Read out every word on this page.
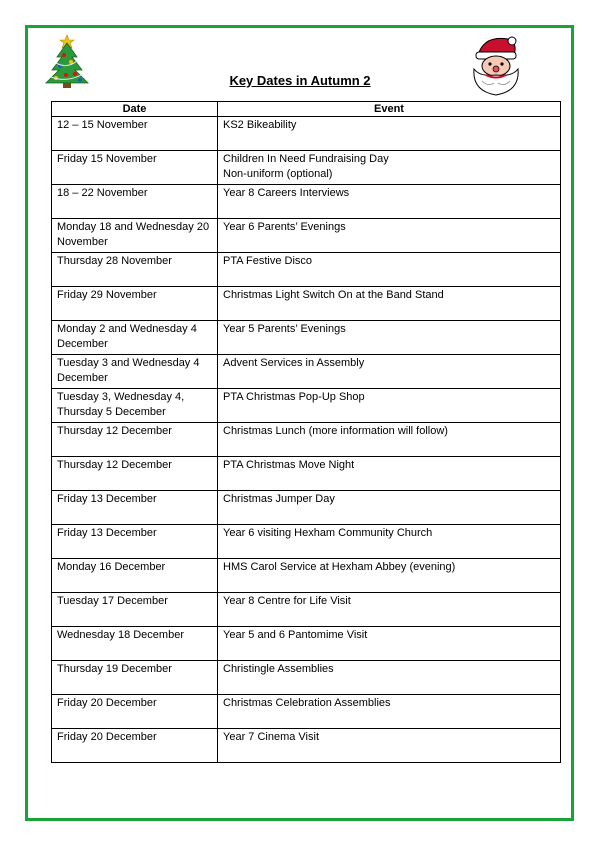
Key Dates in Autumn 2
Date	Event
12 – 15 November	KS2 Bikeability

Friday 15 November	Children In Need Fundraising Day
Non-uniform (optional)

18 – 22 November	Year 8 Careers Interviews

Monday 18 and Wednesday 20 November	Year 6 Parents’ Evenings

Thursday 28 November	PTA Festive Disco

Friday 29 November	Christmas Light Switch On at the Band Stand

Monday 2 and Wednesday 4 December	Year 5 Parents’ Evenings

Tuesday 3 and Wednesday 4 December	Advent Services in Assembly

Tuesday 3, Wednesday 4, Thursday 5 December	PTA Christmas Pop-Up Shop

Thursday 12 December	Christmas Lunch (more information will follow)

Thursday 12 December	PTA Christmas Move Night

Friday 13 December	Christmas Jumper Day

Friday 13 December	Year 6 visiting Hexham Community Church

Monday 16 December	HMS Carol Service at Hexham Abbey (evening)

Tuesday 17 December	Year 8 Centre for Life Visit

Wednesday 18 December	Year 5 and 6 Pantomime Visit

Thursday 19 December	Christingle Assemblies

Friday 20 December	Christmas Celebration Assemblies

Friday 20 December	Year 7 Cinema Visit
